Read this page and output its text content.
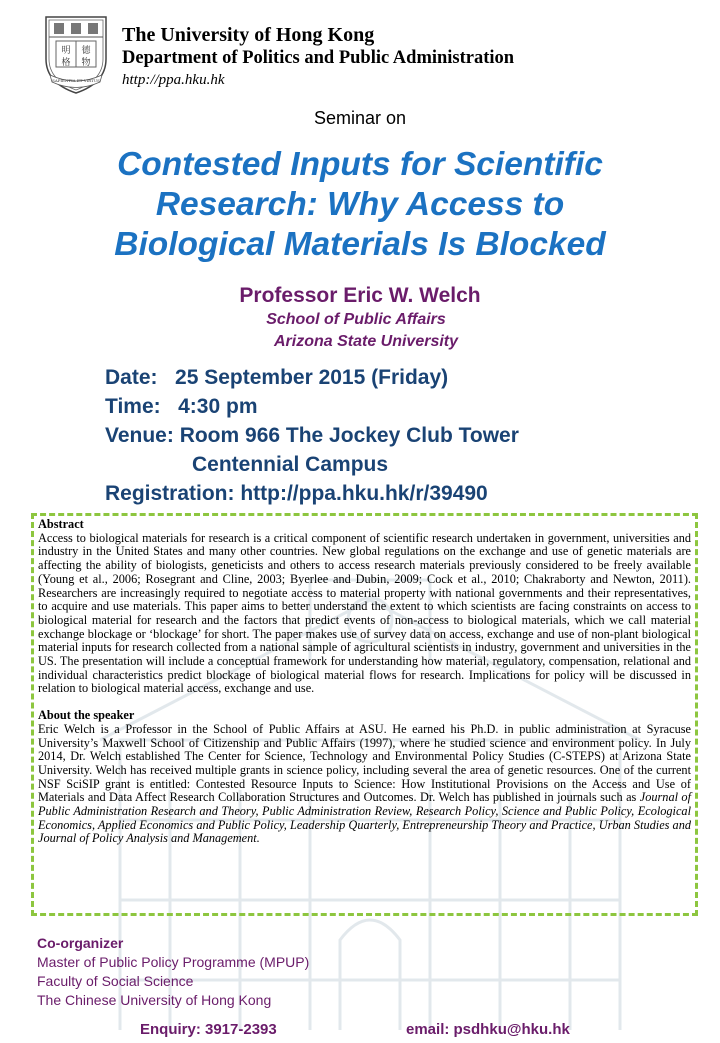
明 德
格 物
SAPIENTIA ET VIRTUS
The University of Hong Kong
Department of Politics and Public Administration
http://ppa.hku.hk
Seminar on
Contested Inputs for Scientific
Research: Why Access to
Biological Materials Is Blocked
Professor Eric W. Welch
School of Public Affairs
Arizona State University
Date:   25 September 2015 (Friday)
Time:   4:30 pm
Venue: Room 966 The Jockey Club Tower
Centennial Campus
Registration: http://ppa.hku.hk/r/39490
Abstract

Access to biological materials for research is a critical component of scientific research undertaken in government, universities and industry in the United States and many other countries. New global regulations on the exchange and use of genetic materials are affecting the ability of biologists, geneticists and others to access research materials previously considered to be freely available (Young et al., 2006; Rosegrant and Cline, 2003; Byerlee and Dubin, 2009; Cock et al., 2010; Chakraborty and Newton, 2011). Researchers are increasingly required to negotiate access to material property with national governments and their representatives, to acquire and use materials. This paper aims to better understand the extent to which scientists are facing constraints on access to biological material for research and the factors that predict events of non-access to biological materials, which we call material exchange blockage or ‘blockage’ for short. The paper makes use of survey data on access, exchange and use of non-plant biological material inputs for research collected from a national sample of agricultural scientists in industry, government and universities in the US. The presentation will include a conceptual framework for understanding how material, regulatory, compensation, relational and individual characteristics predict blockage of biological material flows for research. Implications for policy will be discussed in relation to biological material access, exchange and use.

About the speaker

Eric Welch is a Professor in the School of Public Affairs at ASU. He earned his Ph.D. in public administration at Syracuse University’s Maxwell School of Citizenship and Public Affairs (1997), where he studied science and environment policy. In July 2014, Dr. Welch established The Center for Science, Technology and Environmental Policy Studies (C-STEPS) at Arizona State University. Welch has received multiple grants in science policy, including several the area of genetic resources. One of the current NSF SciSIP grant is entitled: Contested Resource Inputs to Science: How Institutional Provisions on the Access and Use of Materials and Data Affect Research Collaboration Structures and Outcomes. Dr. Welch has published in journals such as Journal of Public Administration Research and Theory, Public Administration Review, Research Policy, Science and Public Policy, Ecological Economics, Applied Economics and Public Policy, Leadership Quarterly, Entrepreneurship Theory and Practice, Urban Studies and Journal of Policy Analysis and Management.

Co-organizer
Master of Public Policy Programme (MPUP)
Faculty of Social Science
The Chinese University of Hong Kong
Enquiry: 3917-2393	email: psdhku@hku.hk
